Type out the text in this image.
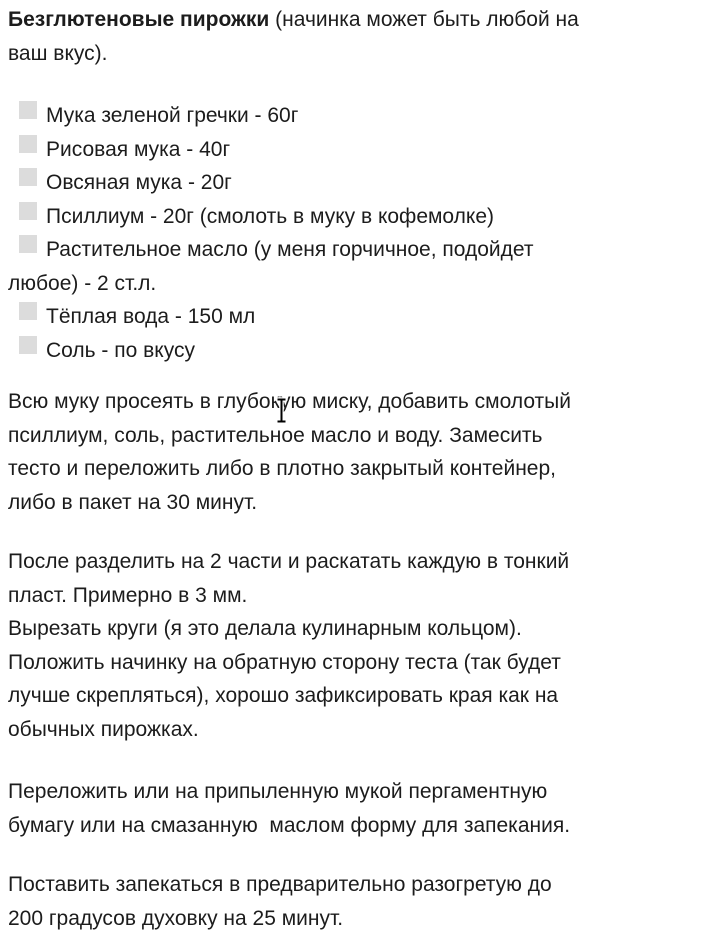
Безглютеновые пирожки (начинка может быть любой на
ваш вкус).
Мука зеленой гречки - 60г
Рисовая мука - 40г
Овсяная мука - 20г
Псиллиум - 20г (смолоть в муку в кофемолке)
Растительное масло (у меня горчичное, подойдет
любое) - 2 ст.л.
Тёплая вода - 150 мл
Соль - по вкусу
Всю муку просеять в глубокую миску, добавить смолотый
псиллиум, соль, растительное масло и воду. Замесить
тесто и переложить либо в плотно закрытый контейнер,
либо в пакет на 30 минут.
После разделить на 2 части и раскатать каждую в тонкий
пласт. Примерно в 3 мм.
Вырезать круги (я это делала кулинарным кольцом).
Положить начинку на обратную сторону теста (так будет
лучше скрепляться), хорошо зафиксировать края как на
обычных пирожках.
Переложить или на припыленную мукой пергаментную
бумагу или на смазанную  маслом форму для запекания.
Поставить запекаться в предварительно разогретую до
200 градусов духовку на 25 минут.
